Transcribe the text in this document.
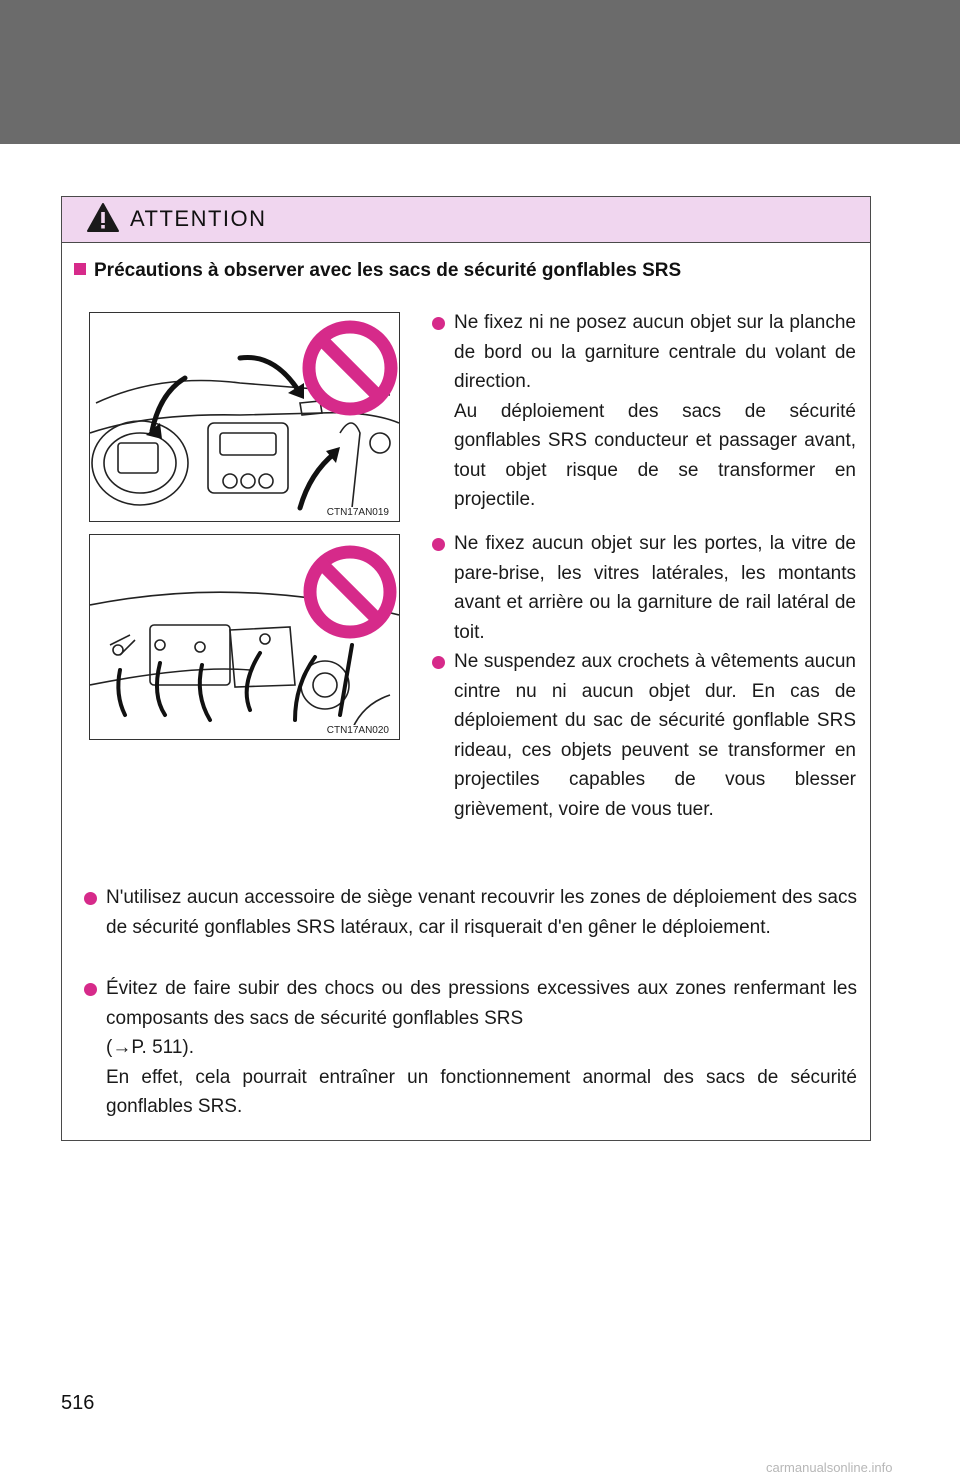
ATTENTION
Précautions à observer avec les sacs de sécurité gonflables SRS
CTN17AN019
CTN17AN020

Ne fixez ni ne posez aucun objet sur la planche de bord ou la garniture centrale du volant de direction.

Au déploiement des sacs de sécurité gonflables SRS conducteur et passager avant, tout objet risque de se transformer en projectile.

Ne fixez aucun objet sur les portes, la vitre de pare-brise, les vitres latérales, les montants avant et arrière ou la garniture de rail latéral de toit.

Ne suspendez aux crochets à vêtements aucun cintre nu ni aucun objet dur. En cas de déploiement du sac de sécurité gonflable SRS rideau, ces objets peuvent se transformer en projectiles capables de vous blesser grièvement, voire de vous tuer.

N'utilisez aucun accessoire de siège venant recouvrir les zones de déploiement des sacs de sécurité gonflables SRS latéraux, car il risquerait d'en gêner le déploiement.

Évitez de faire subir des chocs ou des pressions excessives aux zones renfermant les composants des sacs de sécurité gonflables SRS

(→P. 511).

En effet, cela pourrait entraîner un fonctionnement anormal des sacs de sécurité gonflables SRS.

516
carmanualsonline.info
